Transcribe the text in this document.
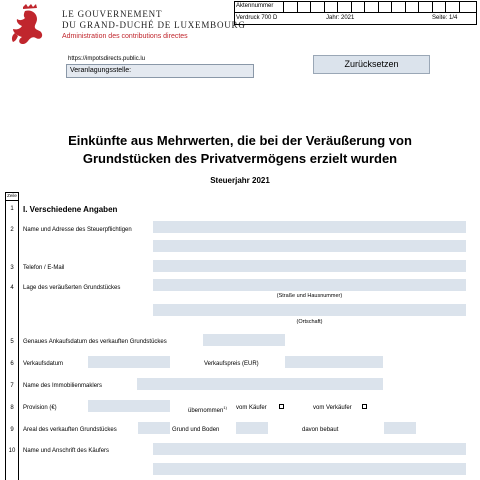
LE GOUVERNEMENT
DU GRAND-DUCHÉ DE LUXEMBOURG
Administration des contributions directes
Aktennummer
Verdruck 700 D	Jahr: 2021	Seite: 1/4
https://impotsdirects.public.lu
Veranlagungsstelle:
Zurücksetzen
Einkünfte aus Mehrwerten, die bei der Veräußerung von
Grundstücken des Privatvermögens erzielt wurden
Steuerjahr 2021
Zeile
1	I. Verschiedene Angaben
2	Name und Adresse des Steuerpflichtigen
3	Telefon / E-Mail
4	Lage des veräußerten Grundstückes
(Straße und Hausnummer)
(Ortschaft)
5	Genaues Ankaufsdatum des verkauften Grundstückes
6	Verkaufsdatum	Verkaufspreis (EUR)
7	Name des Immobilienmaklers
8	Provision (€)	übernommen$^{1)}$ vom Käufer	vom Verkäufer
9	Areal des verkauften Grundstückes	Grund und Boden	davon bebaut
10	Name und Anschrift des Käufers
